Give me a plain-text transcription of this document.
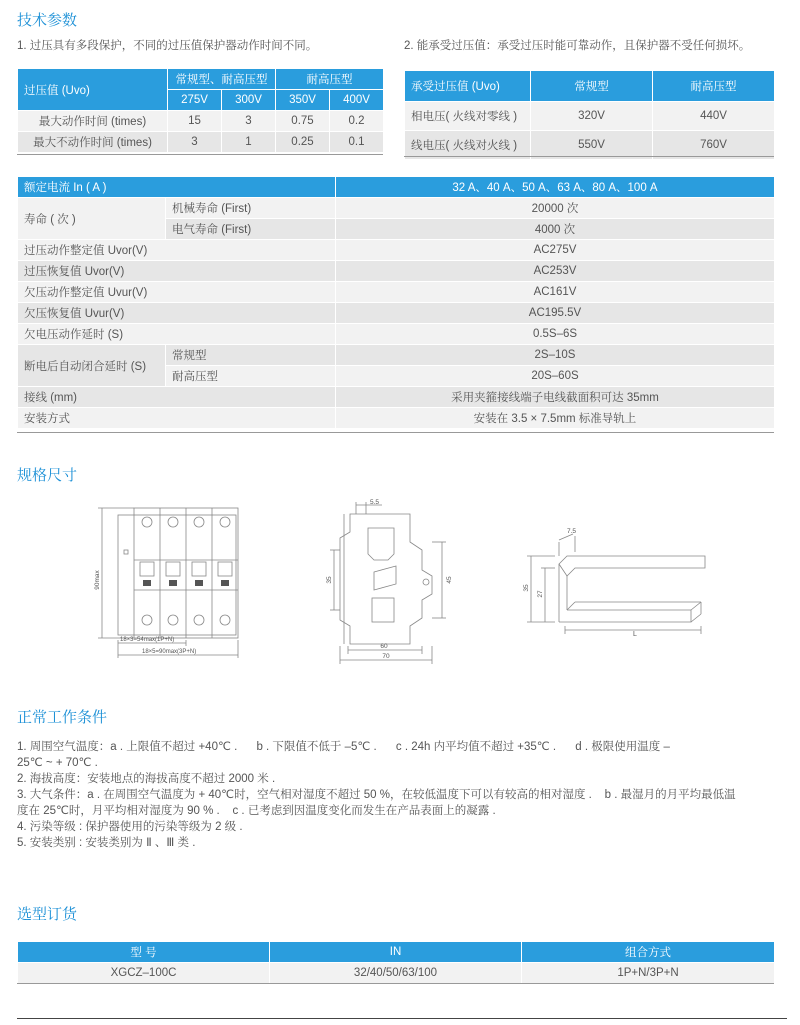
技术参数
1. 过压具有多段保护，不同的过压值保护器动作时间不同。	2. 能承受过压值：承受过压时能可靠动作，且保护器不受任何损坏。
过压值 (Uvo)	常规型、耐高压型		耐高压型	
	275V	300V	350V	400V
最大动作时间 (times)	15	3	0.75	0.2
最大不动作时间 (times)	3	1	0.25	0.1
承受过压值 (Uvo)	常规型	耐高压型
相电压( 火线对零线 )	320V	440V
线电压( 火线对火线 )	550V	760V
额定电流 In ( A )		32 A、40 A、50 A、63 A、80 A、100 A
寿命 ( 次 )	机械寿命 (First)	20000 次
	电气寿命 (First)	4000 次
过压动作整定值 Uvor(V)		AC275V
过压恢复值 Uvor(V)		AC253V
欠压动作整定值 Uvur(V)		AC161V
欠压恢复值 Uvur(V)		AC195.5V
欠电压动作延时 (S)		0.5S–6S
断电后自动闭合延时 (S)	常规型	2S–10S
	耐高压型	20S–60S
接线 (mm)		采用夹箍接线端子电线截面积可达 35mm
安装方式		安装在 3.5 × 7.5mm 标准导轨上
规格尺寸
90max
18×3=54max(1P+N)
18×5=90max(3P+N)
5.5
35	45
60
70
7.5
35
27
L
正常工作条件
1. 周围空气温度：a . 上限值不超过 +40℃ .      b . 下限值不低于 –5℃ .      c . 24h 内平均值不超过 +35℃ .      d . 极限使用温度 –
25℃ ~ + 70℃ .
2. 海拔高度：安装地点的海拔高度不超过 2000 米 .
3. 大气条件：a . 在周围空气温度为 + 40℃时，空气相对湿度不超过 50 %，在较低温度下可以有较高的相对湿度 .    b . 最湿月的月平均最低温
度在 25℃时，月平均相对湿度为 90 % .    c . 已考虑到因温度变化而发生在产品表面上的凝露 .
4. 污染等级 : 保护器使用的污染等级为 2 级 .
5. 安装类别 : 安装类别为 Ⅱ 、Ⅲ 类 .
选型订货
型 号	IN	组合方式
XGCZ–100C	32/40/50/63/100	1P+N/3P+N
